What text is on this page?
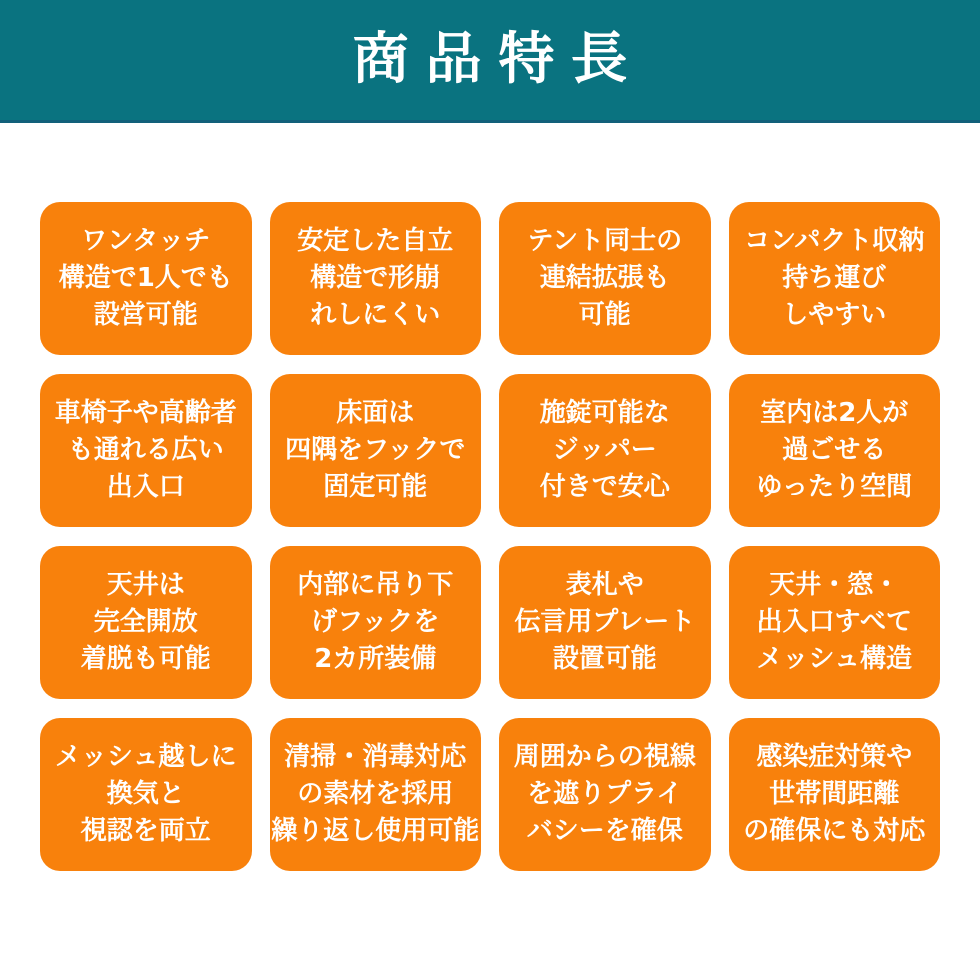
商品特長
ワンタッチ
構造で1人でも
設営可能
安定した自立
構造で形崩
れしにくい
テント同士の
連結拡張も
可能
コンパクト収納
持ち運び
しやすい
車椅子や高齢者
も通れる広い
出入口
床面は
四隅をフックで
固定可能
施錠可能な
ジッパー
付きで安心
室内は2人が
過ごせる
ゆったり空間
天井は
完全開放
着脱も可能
内部に吊り下
げフックを
2カ所装備
表札や
伝言用プレート
設置可能
天井・窓・
出入口すべて
メッシュ構造
メッシュ越しに
換気と
視認を両立
清掃・消毒対応
の素材を採用
繰り返し使用可能
周囲からの視線
を遮りプライ
バシーを確保
感染症対策や
世帯間距離
の確保にも対応
